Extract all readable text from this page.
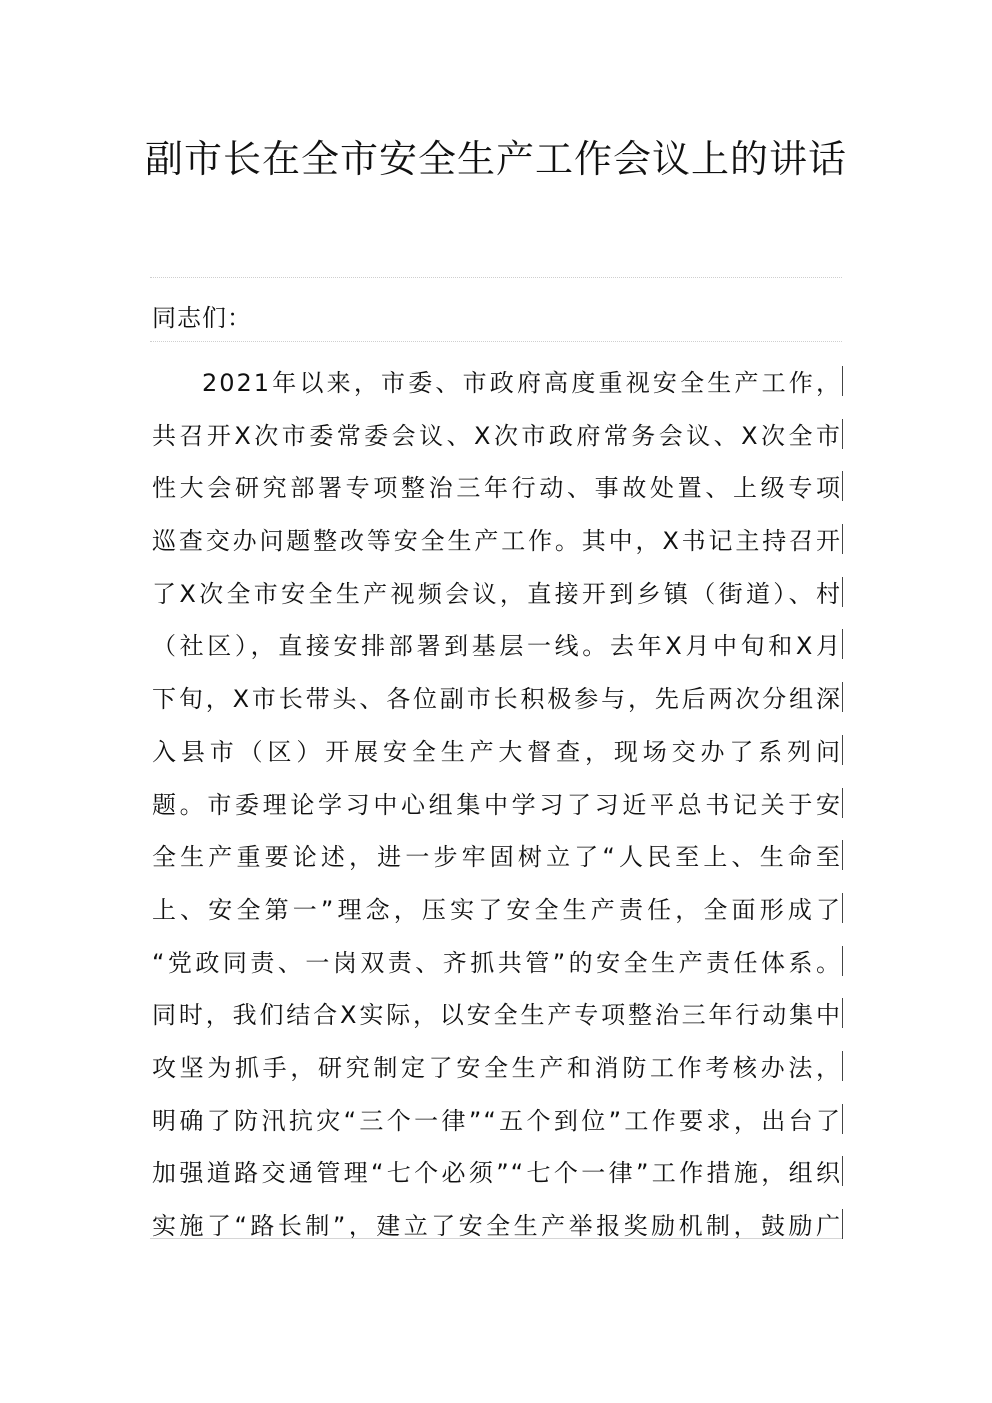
副市长在全市安全生产工作会议上的讲话
同志们：
2021年以来，市委、市政府高度重视安全生产工作，
共召开X次市委常委会议、X次市政府常务会议、X次全市
性大会研究部署专项整治三年行动、事故处置、上级专项
巡查交办问题整改等安全生产工作。其中，X书记主持召开
了X次全市安全生产视频会议，直接开到乡镇（街道）、村
（社区），直接安排部署到基层一线。去年X月中旬和X月
下旬，X市长带头、各位副市长积极参与，先后两次分组深
入县市（区）开展安全生产大督查，现场交办了系列问
题。市委理论学习中心组集中学习了习近平总书记关于安
全生产重要论述，进一步牢固树立了“人民至上、生命至
上、安全第一”理念，压实了安全生产责任，全面形成了
“党政同责、一岗双责、齐抓共管”的安全生产责任体系。
同时，我们结合X实际，以安全生产专项整治三年行动集中
攻坚为抓手，研究制定了安全生产和消防工作考核办法，
明确了防汛抗灾“三个一律”“五个到位”工作要求，出台了
加强道路交通管理“七个必须”“七个一律”工作措施，组织
实施了“路长制”，建立了安全生产举报奖励机制，鼓励广
